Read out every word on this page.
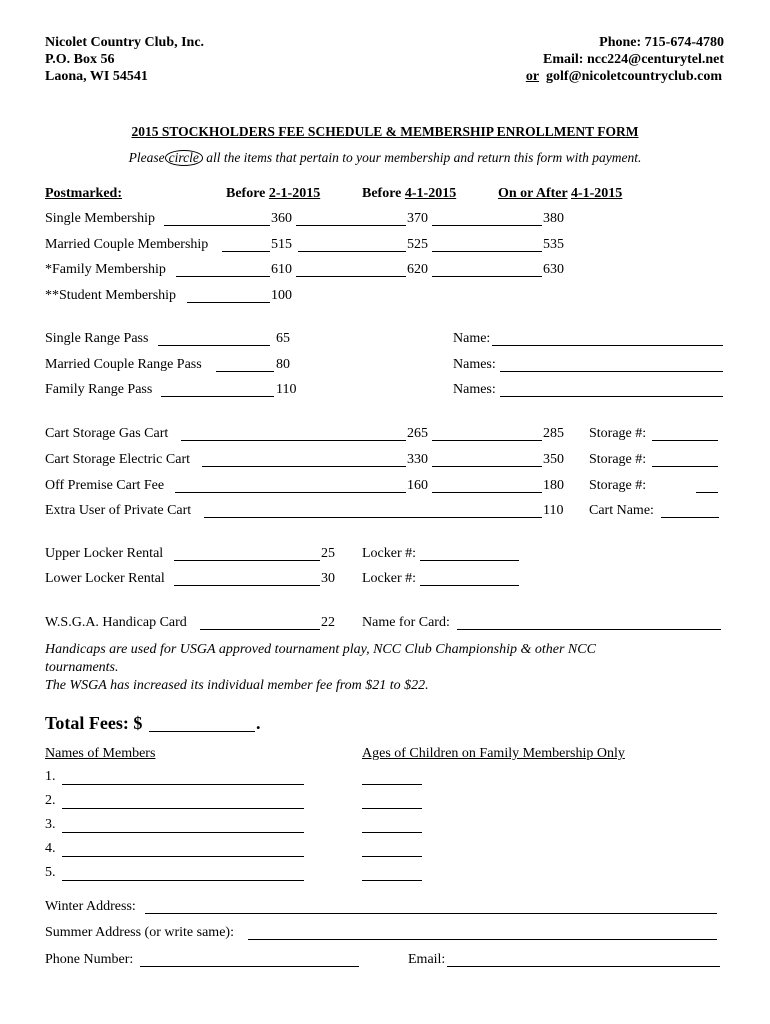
Nicolet Country Club, Inc.
P.O. Box 56
Laona, WI 54541
Phone: 715-674-4780
Email: ncc224@centurytel.net
or golf@nicoletcountryclub.com
2015 STOCKHOLDERS FEE SCHEDULE & MEMBERSHIP ENROLLMENT FORM
Please circle all the items that pertain to your membership and return this form with payment.
Postmarked:	Before 2-1-2015	Before 4-1-2015	On or After 4-1-2015
Single Membership	360	370	380
Married Couple Membership	515	525	535
*Family Membership	610	620	630
**Student Membership	100
Single Range Pass	65	Name:
Married Couple Range Pass	80	Names:
Family Range Pass	110	Names:
Cart Storage Gas Cart	265	285 Storage #:
Cart Storage Electric Cart	330	350 Storage #:
Off Premise Cart Fee	160	180 Storage #:
Extra User of Private Cart	110 Cart Name:
Upper Locker Rental	25 Locker #:
Lower Locker Rental	30 Locker #:
W.S.G.A. Handicap Card	22 Name for Card:
Handicaps are used for USGA approved tournament play, NCC Club Championship & other NCC
tournaments.
The WSGA has increased its individual member fee from $21 to $22.
Total Fees: $	.
Names of Members	Ages of Children on Family Membership Only
1.
2.
3.
4.
5.
Winter Address:
Summer Address (or write same):
Phone Number:	Email:
